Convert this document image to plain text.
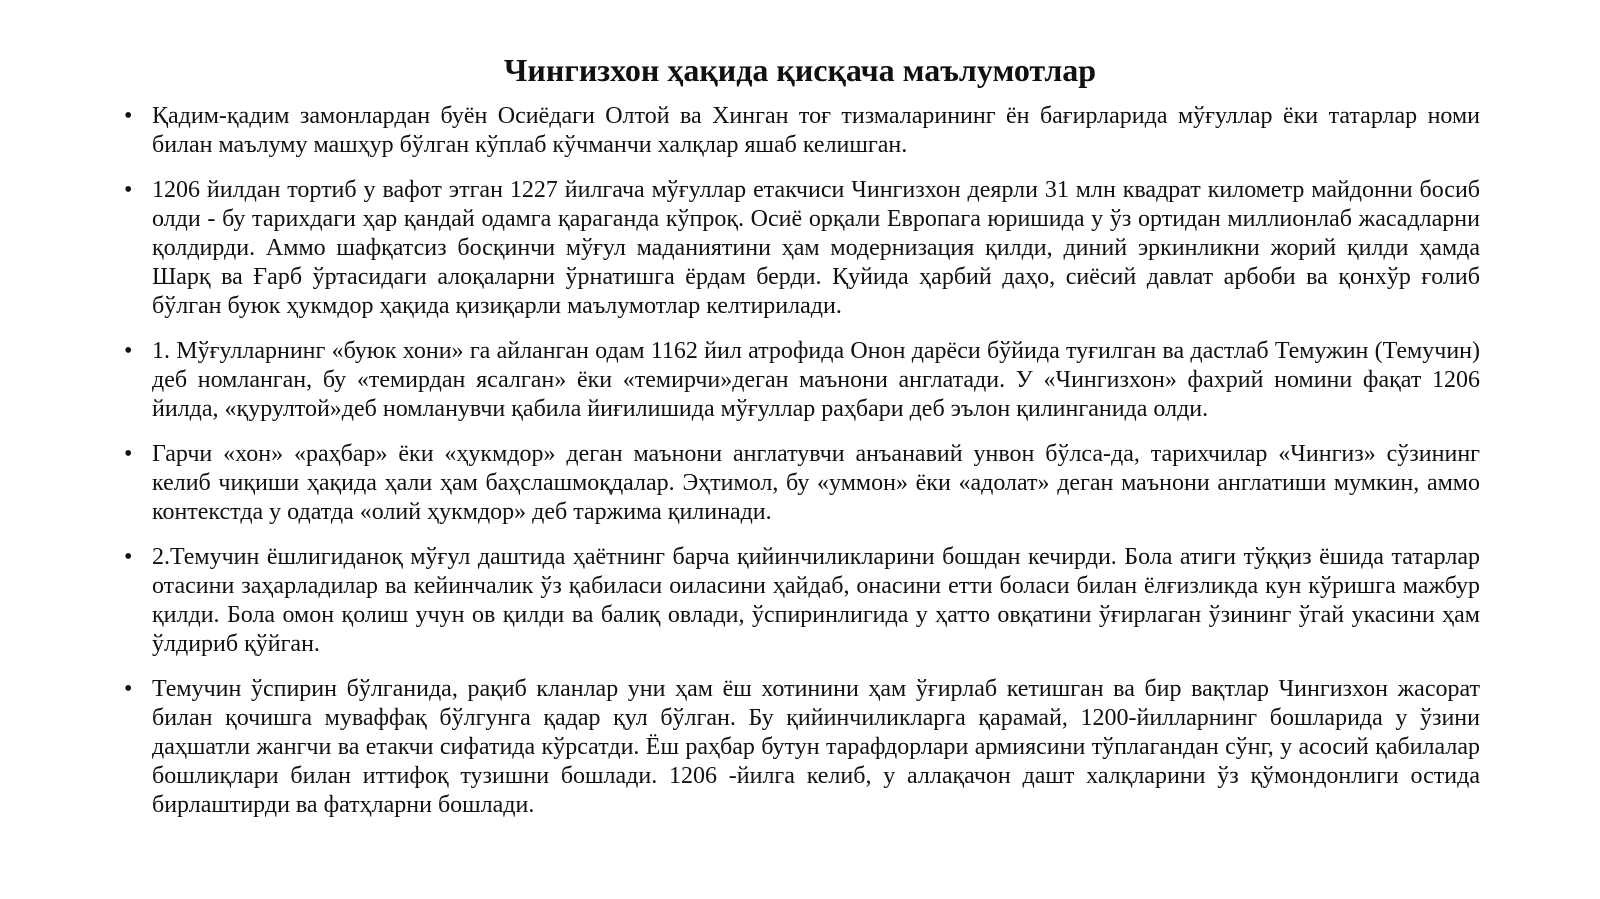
Чингизхон ҳақида қисқача маълумотлар
• Қадим-қадим замонлардан буён Осиёдаги Олтой ва Хинган тоғ тизмаларининг ён бағирларида мўғуллар ёки татарлар номи билан маълуму машҳур бўлган кўплаб кўчманчи халқлар яшаб келишган.
• 1206 йилдан тортиб у вафот этган 1227 йилгача мўғуллар етакчиси Чингизхон деярли 31 млн квадрат километр майдонни босиб олди - бу тарихдаги ҳар қандай одамга қараганда кўпроқ. Осиё орқали Европага юришида у ўз ортидан миллионлаб жасадларни қолдирди. Аммо шафқатсиз босқинчи мўғул маданиятини ҳам модернизация қилди, диний эркинликни жорий қилди ҳамда Шарқ ва Ғарб ўртасидаги алоқаларни ўрнатишга ёрдам берди. Қуйида ҳарбий даҳо, сиёсий давлат арбоби ва қонхўр ғолиб бўлган буюк ҳукмдор ҳақида қизиқарли маълумотлар келтирилади.
• 1. Мўғулларнинг «буюк хони» га айланган одам 1162 йил атрофида Онон дарёси бўйида туғилган ва дастлаб Темужин (Темучин) деб номланган, бу «темирдан ясалган» ёки «темирчи»деган маънони англатади. У «Чингизхон» фахрий номини фақат 1206 йилда, «қурултой»деб номланувчи қабила йиғилишида мўғуллар раҳбари деб эълон қилинганида олди.
• Гарчи «хон» «раҳбар» ёки «ҳукмдор» деган маънони англатувчи анъанавий унвон бўлса-да, тарихчилар «Чингиз» сўзининг келиб чиқиши ҳақида ҳали ҳам баҳслашмоқдалар. Эҳтимол, бу «уммон» ёки «адолат» деган маънони англатиши мумкин, аммо контекстда у одатда «олий ҳукмдор» деб таржима қилинади.
• 2.Темучин ёшлигиданоқ мўғул даштида ҳаётнинг барча қийинчиликларини бошдан кечирди. Бола атиги тўққиз ёшида татарлар отасини заҳарладилар ва кейинчалик ўз қабиласи оиласини ҳайдаб, онасини етти боласи билан ёлғизликда кун кўришга мажбур қилди. Бола омон қолиш учун ов қилди ва балиқ овлади, ўспиринлигида у ҳатто овқатини ўғирлаган ўзининг ўгай укасини ҳам ўлдириб қўйган.
• Темучин ўспирин бўлганида, рақиб кланлар уни ҳам ёш хотинини ҳам ўғирлаб кетишган ва бир вақтлар Чингизхон жасорат билан қочишга муваффақ бўлгунга қадар қул бўлган. Бу қийинчиликларга қарамай, 1200-йилларнинг бошларида у ўзини даҳшатли жангчи ва етакчи сифатида кўрсатди. Ёш раҳбар бутун тарафдорлари армиясини тўплагандан сўнг, у асосий қабилалар бошлиқлари билан иттифоқ тузишни бошлади. 1206 -йилга келиб, у аллақачон дашт халқларини ўз қўмондонлиги остида бирлаштирди ва фатҳларни бошлади.
